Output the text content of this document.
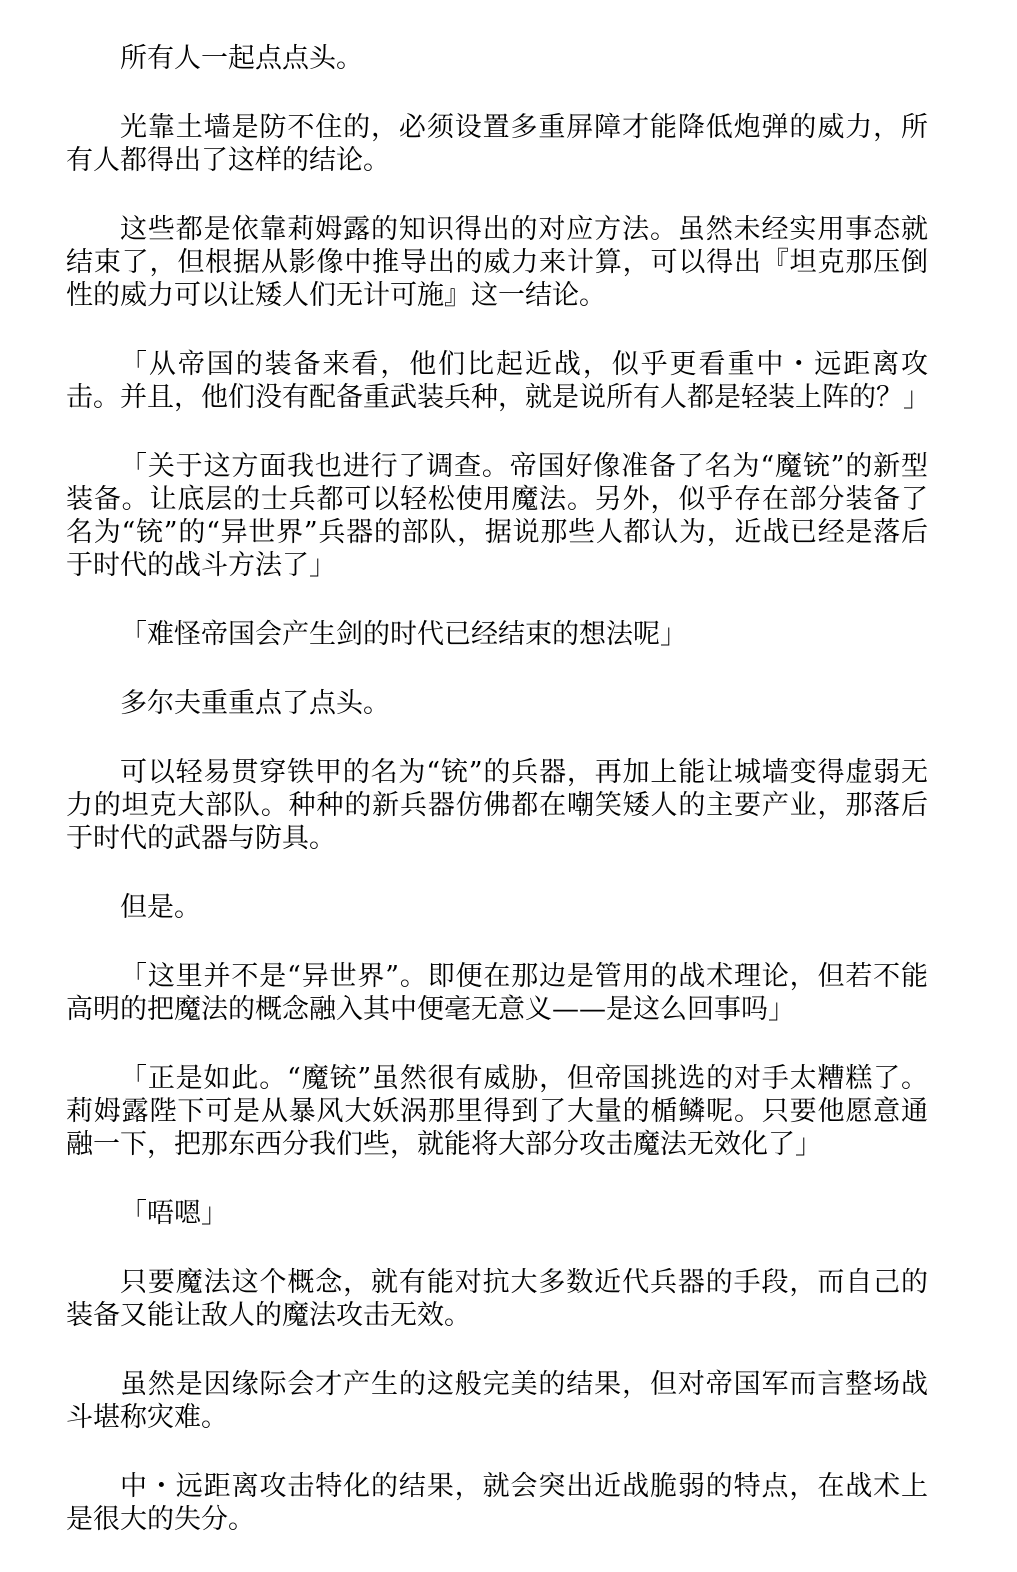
所有人一起点点头。

光靠土墙是防不住的，必须设置多重屏障才能降低炮弹的威力，所有人都得出了这样的结论。

这些都是依靠莉姆露的知识得出的对应方法。虽然未经实用事态就结束了，但根据从影像中推导出的威力来计算，可以得出『坦克那压倒性的威力可以让矮人们无计可施』这一结论。

「从帝国的装备来看，他们比起近战，似乎更看重中・远距离攻击。并且，他们没有配备重武装兵种，就是说所有人都是轻装上阵的？」

「关于这方面我也进行了调查。帝国好像准备了名为“魔铳”的新型装备。让底层的士兵都可以轻松使用魔法。另外，似乎存在部分装备了名为“铳”的“异世界”兵器的部队，据说那些人都认为，近战已经是落后于时代的战斗方法了」

「难怪帝国会产生剑的时代已经结束的想法呢」

多尔夫重重点了点头。

可以轻易贯穿铁甲的名为“铳”的兵器，再加上能让城墙变得虚弱无力的坦克大部队。种种的新兵器仿佛都在嘲笑矮人的主要产业，那落后于时代的武器与防具。

但是。

「这里并不是“异世界”。即便在那边是管用的战术理论，但若不能高明的把魔法的概念融入其中便毫无意义——是这么回事吗」

「正是如此。“魔铳”虽然很有威胁，但帝国挑选的对手太糟糕了。莉姆露陛下可是从暴风大妖涡那里得到了大量的楯鳞呢。只要他愿意通融一下，把那东西分我们些，就能将大部分攻击魔法无效化了」

「唔嗯」

只要魔法这个概念，就有能对抗大多数近代兵器的手段，而自己的装备又能让敌人的魔法攻击无效。

虽然是因缘际会才产生的这般完美的结果，但对帝国军而言整场战斗堪称灾难。

中・远距离攻击特化的结果，就会突出近战脆弱的特点，在战术上是很大的失分。
